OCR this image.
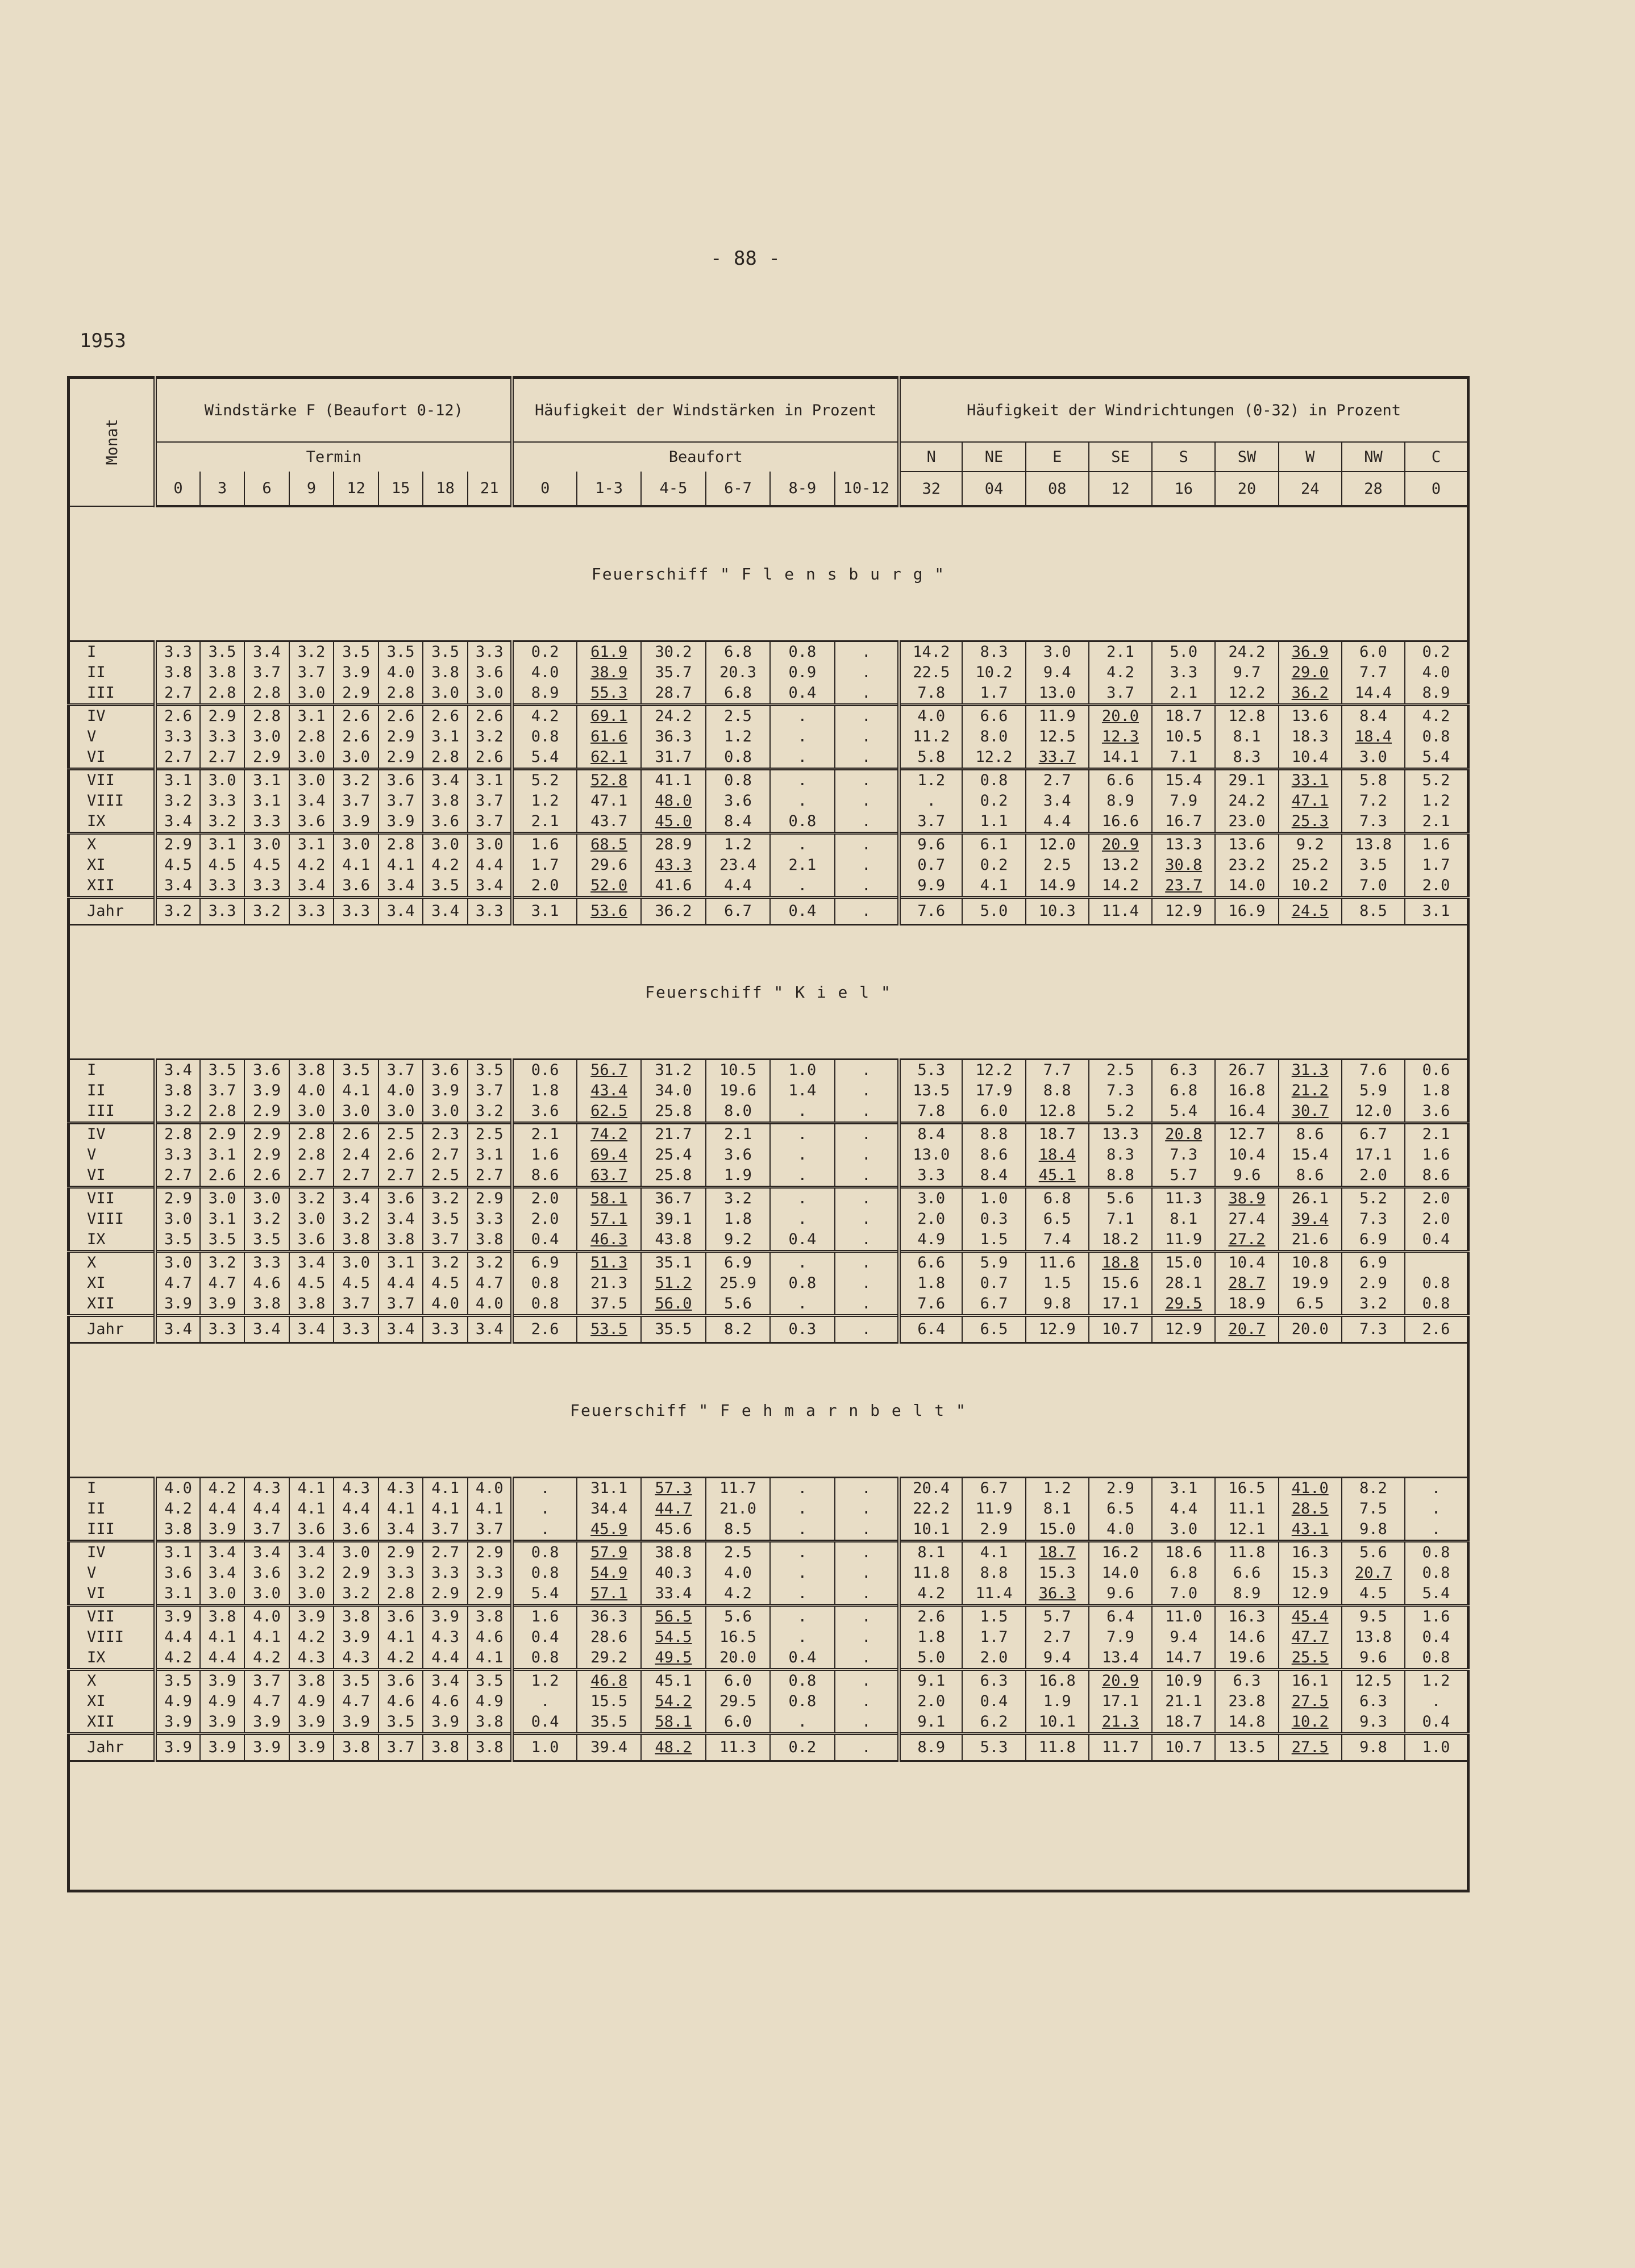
- 88 -
1953
Monat	Windstärke F (Beaufort 0-12)								Häufigkeit der Windstärken in Prozent						Häufigkeit der Windrichtungen (0-32) in Prozent								
	Termin								Beaufort						N	NE	E	SE	S	SW	W	NW	C
	0	3	6	9	12	15	18	21	0	1-3	4-5	6-7	8-9	10-12	32	04	08	12	16	20	24	28	0
Feuerschiff " F l e n s b u r g "																							
I	3.3	3.5	3.4	3.2	3.5	3.5	3.5	3.3	0.2	61.9	30.2	6.8	0.8	.	14.2	8.3	3.0	2.1	5.0	24.2	36.9	6.0	0.2
II	3.8	3.8	3.7	3.7	3.9	4.0	3.8	3.6	4.0	38.9	35.7	20.3	0.9	.	22.5	10.2	9.4	4.2	3.3	9.7	29.0	7.7	4.0
III	2.7	2.8	2.8	3.0	2.9	2.8	3.0	3.0	8.9	55.3	28.7	6.8	0.4	.	7.8	1.7	13.0	3.7	2.1	12.2	36.2	14.4	8.9
IV	2.6	2.9	2.8	3.1	2.6	2.6	2.6	2.6	4.2	69.1	24.2	2.5	.	.	4.0	6.6	11.9	20.0	18.7	12.8	13.6	8.4	4.2
V	3.3	3.3	3.0	2.8	2.6	2.9	3.1	3.2	0.8	61.6	36.3	1.2	.	.	11.2	8.0	12.5	12.3	10.5	8.1	18.3	18.4	0.8
VI	2.7	2.7	2.9	3.0	3.0	2.9	2.8	2.6	5.4	62.1	31.7	0.8	.	.	5.8	12.2	33.7	14.1	7.1	8.3	10.4	3.0	5.4
VII	3.1	3.0	3.1	3.0	3.2	3.6	3.4	3.1	5.2	52.8	41.1	0.8	.	.	1.2	0.8	2.7	6.6	15.4	29.1	33.1	5.8	5.2
VIII	3.2	3.3	3.1	3.4	3.7	3.7	3.8	3.7	1.2	47.1	48.0	3.6	.	.	.	0.2	3.4	8.9	7.9	24.2	47.1	7.2	1.2
IX	3.4	3.2	3.3	3.6	3.9	3.9	3.6	3.7	2.1	43.7	45.0	8.4	0.8	.	3.7	1.1	4.4	16.6	16.7	23.0	25.3	7.3	2.1
X	2.9	3.1	3.0	3.1	3.0	2.8	3.0	3.0	1.6	68.5	28.9	1.2	.	.	9.6	6.1	12.0	20.9	13.3	13.6	9.2	13.8	1.6
XI	4.5	4.5	4.5	4.2	4.1	4.1	4.2	4.4	1.7	29.6	43.3	23.4	2.1	.	0.7	0.2	2.5	13.2	30.8	23.2	25.2	3.5	1.7
XII	3.4	3.3	3.3	3.4	3.6	3.4	3.5	3.4	2.0	52.0	41.6	4.4	.	.	9.9	4.1	14.9	14.2	23.7	14.0	10.2	7.0	2.0
Jahr	3.2	3.3	3.2	3.3	3.3	3.4	3.4	3.3	3.1	53.6	36.2	6.7	0.4	.	7.6	5.0	10.3	11.4	12.9	16.9	24.5	8.5	3.1
Feuerschiff " K i e l "																							
I	3.4	3.5	3.6	3.8	3.5	3.7	3.6	3.5	0.6	56.7	31.2	10.5	1.0	.	5.3	12.2	7.7	2.5	6.3	26.7	31.3	7.6	0.6
II	3.8	3.7	3.9	4.0	4.1	4.0	3.9	3.7	1.8	43.4	34.0	19.6	1.4	.	13.5	17.9	8.8	7.3	6.8	16.8	21.2	5.9	1.8
III	3.2	2.8	2.9	3.0	3.0	3.0	3.0	3.2	3.6	62.5	25.8	8.0	.	.	7.8	6.0	12.8	5.2	5.4	16.4	30.7	12.0	3.6
IV	2.8	2.9	2.9	2.8	2.6	2.5	2.3	2.5	2.1	74.2	21.7	2.1	.	.	8.4	8.8	18.7	13.3	20.8	12.7	8.6	6.7	2.1
V	3.3	3.1	2.9	2.8	2.4	2.6	2.7	3.1	1.6	69.4	25.4	3.6	.	.	13.0	8.6	18.4	8.3	7.3	10.4	15.4	17.1	1.6
VI	2.7	2.6	2.6	2.7	2.7	2.7	2.5	2.7	8.6	63.7	25.8	1.9	.	.	3.3	8.4	45.1	8.8	5.7	9.6	8.6	2.0	8.6
VII	2.9	3.0	3.0	3.2	3.4	3.6	3.2	2.9	2.0	58.1	36.7	3.2	.	.	3.0	1.0	6.8	5.6	11.3	38.9	26.1	5.2	2.0
VIII	3.0	3.1	3.2	3.0	3.2	3.4	3.5	3.3	2.0	57.1	39.1	1.8	.	.	2.0	0.3	6.5	7.1	8.1	27.4	39.4	7.3	2.0
IX	3.5	3.5	3.5	3.6	3.8	3.8	3.7	3.8	0.4	46.3	43.8	9.2	0.4	.	4.9	1.5	7.4	18.2	11.9	27.2	21.6	6.9	0.4
X	3.0	3.2	3.3	3.4	3.0	3.1	3.2	3.2	6.9	51.3	35.1	6.9	.	.	6.6	5.9	11.6	18.8	15.0	10.4	10.8	6.9	
XI	4.7	4.7	4.6	4.5	4.5	4.4	4.5	4.7	0.8	21.3	51.2	25.9	0.8	.	1.8	0.7	1.5	15.6	28.1	28.7	19.9	2.9	0.8
XII	3.9	3.9	3.8	3.8	3.7	3.7	4.0	4.0	0.8	37.5	56.0	5.6	.	.	7.6	6.7	9.8	17.1	29.5	18.9	6.5	3.2	0.8
Jahr	3.4	3.3	3.4	3.4	3.3	3.4	3.3	3.4	2.6	53.5	35.5	8.2	0.3	.	6.4	6.5	12.9	10.7	12.9	20.7	20.0	7.3	2.6
Feuerschiff " F e h m a r n b e l t "																							
I	4.0	4.2	4.3	4.1	4.3	4.3	4.1	4.0	.	31.1	57.3	11.7	.	.	20.4	6.7	1.2	2.9	3.1	16.5	41.0	8.2	.
II	4.2	4.4	4.4	4.1	4.4	4.1	4.1	4.1	.	34.4	44.7	21.0	.	.	22.2	11.9	8.1	6.5	4.4	11.1	28.5	7.5	.
III	3.8	3.9	3.7	3.6	3.6	3.4	3.7	3.7	.	45.9	45.6	8.5	.	.	10.1	2.9	15.0	4.0	3.0	12.1	43.1	9.8	.
IV	3.1	3.4	3.4	3.4	3.0	2.9	2.7	2.9	0.8	57.9	38.8	2.5	.	.	8.1	4.1	18.7	16.2	18.6	11.8	16.3	5.6	0.8
V	3.6	3.4	3.6	3.2	2.9	3.3	3.3	3.3	0.8	54.9	40.3	4.0	.	.	11.8	8.8	15.3	14.0	6.8	6.6	15.3	20.7	0.8
VI	3.1	3.0	3.0	3.0	3.2	2.8	2.9	2.9	5.4	57.1	33.4	4.2	.	.	4.2	11.4	36.3	9.6	7.0	8.9	12.9	4.5	5.4
VII	3.9	3.8	4.0	3.9	3.8	3.6	3.9	3.8	1.6	36.3	56.5	5.6	.	.	2.6	1.5	5.7	6.4	11.0	16.3	45.4	9.5	1.6
VIII	4.4	4.1	4.1	4.2	3.9	4.1	4.3	4.6	0.4	28.6	54.5	16.5	.	.	1.8	1.7	2.7	7.9	9.4	14.6	47.7	13.8	0.4
IX	4.2	4.4	4.2	4.3	4.3	4.2	4.4	4.1	0.8	29.2	49.5	20.0	0.4	.	5.0	2.0	9.4	13.4	14.7	19.6	25.5	9.6	0.8
X	3.5	3.9	3.7	3.8	3.5	3.6	3.4	3.5	1.2	46.8	45.1	6.0	0.8	.	9.1	6.3	16.8	20.9	10.9	6.3	16.1	12.5	1.2
XI	4.9	4.9	4.7	4.9	4.7	4.6	4.6	4.9	.	15.5	54.2	29.5	0.8	.	2.0	0.4	1.9	17.1	21.1	23.8	27.5	6.3	.
XII	3.9	3.9	3.9	3.9	3.9	3.5	3.9	3.8	0.4	35.5	58.1	6.0	.	.	9.1	6.2	10.1	21.3	18.7	14.8	10.2	9.3	0.4
Jahr	3.9	3.9	3.9	3.9	3.8	3.7	3.8	3.8	1.0	39.4	48.2	11.3	0.2	.	8.9	5.3	11.8	11.7	10.7	13.5	27.5	9.8	1.0
